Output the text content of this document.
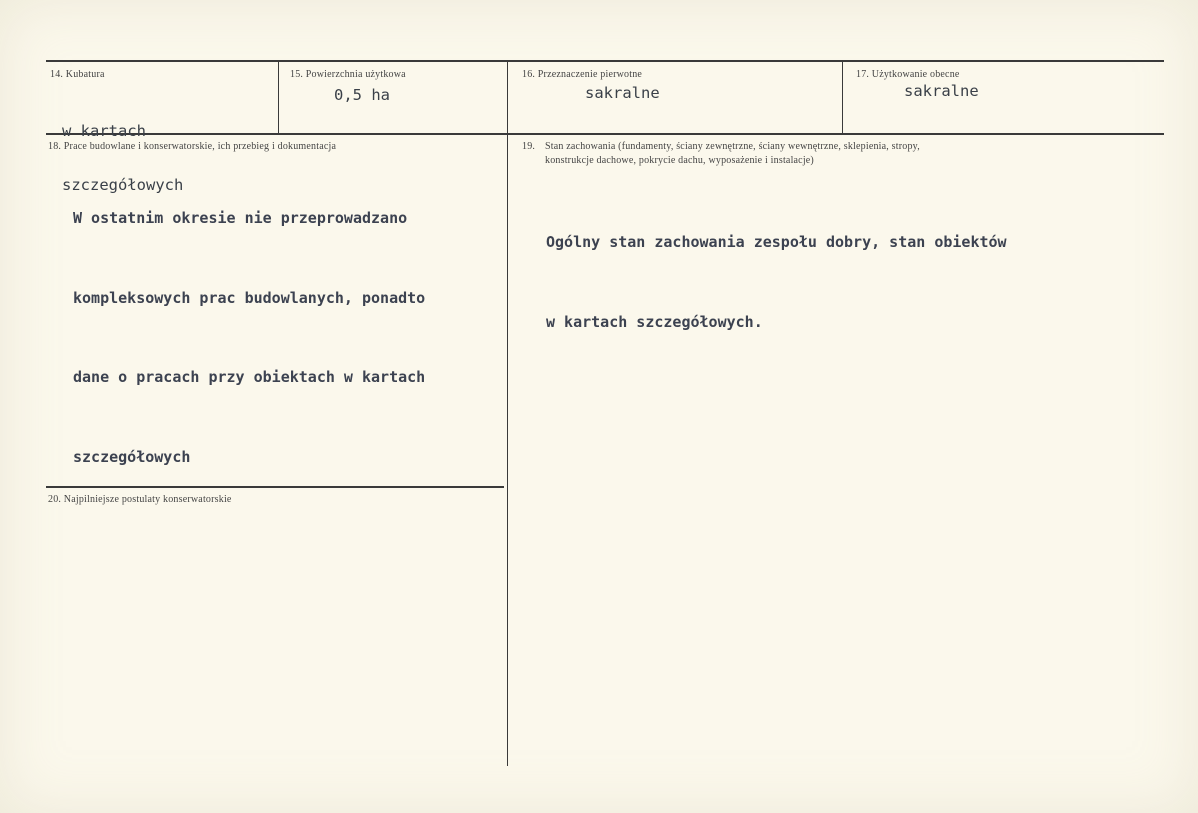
14. Kubatura

w kartach

szczegółowych

15. Powierzchnia użytkowa
0,5 ha
16. Przeznaczenie pierwotne
sakralne
17. Użytkowanie obecne
sakralne
18. Prace budowlane i konserwatorskie, ich przebieg i dokumentacja

W ostatnim okresie nie przeprowadzano

kompleksowych prac budowlanych, ponadto

dane o pracach przy obiektach w kartach

szczegółowych

19. Stan zachowania (fundamenty, ściany zewnętrzne, ściany wewnętrzne, sklepienia, stropy,
konstrukcje dachowe, pokrycie dachu, wyposażenie i instalacje)

Ogólny stan zachowania zespołu dobry, stan obiektów

w kartach szczegółowych.

20. Najpilniejsze postulaty konserwatorskie
